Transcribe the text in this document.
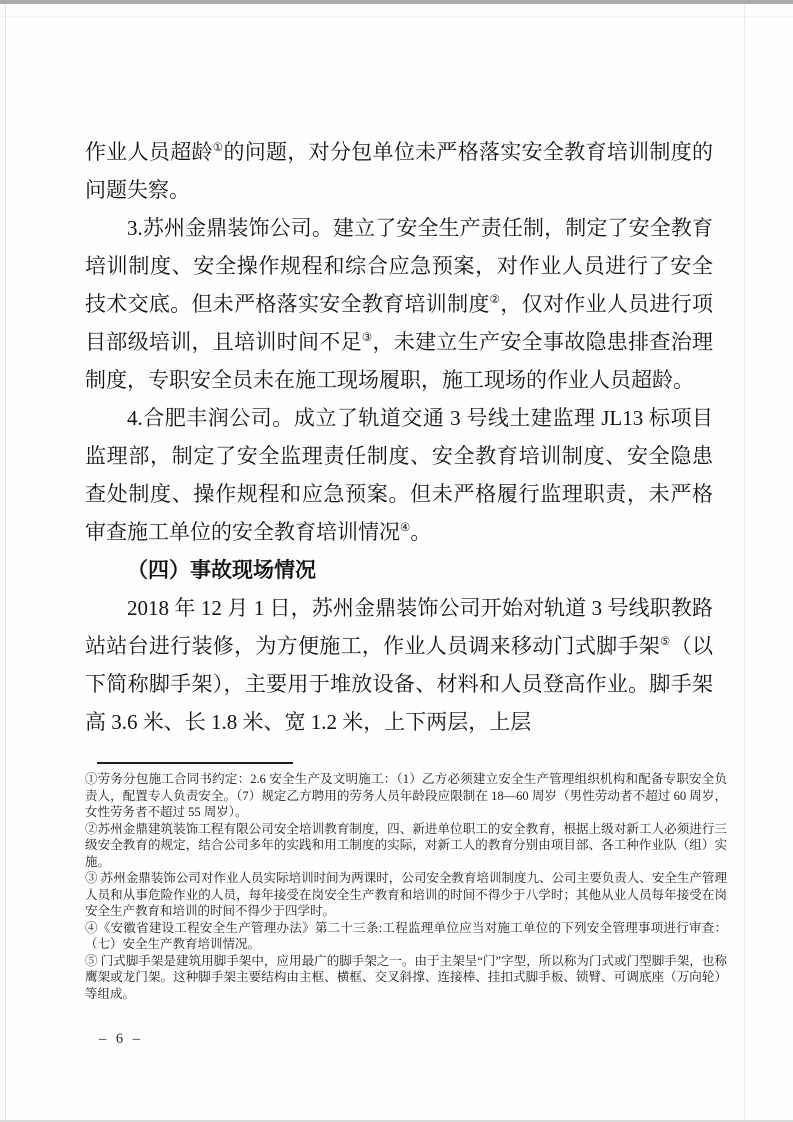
作业人员超龄①的问题，对分包单位未严格落实安全教育培训制度的问题失察。

3.苏州金鼎装饰公司。建立了安全生产责任制，制定了安全教育培训制度、安全操作规程和综合应急预案，对作业人员进行了安全技术交底。但未严格落实安全教育培训制度②，仅对作业人员进行项目部级培训，且培训时间不足③，未建立生产安全事故隐患排查治理制度，专职安全员未在施工现场履职，施工现场的作业人员超龄。

4.合肥丰润公司。成立了轨道交通 3 号线土建监理 JL13 标项目监理部，制定了安全监理责任制度、安全教育培训制度、安全隐患查处制度、操作规程和应急预案。但未严格履行监理职责，未严格审查施工单位的安全教育培训情况④。

（四）事故现场情况

2018 年 12 月 1 日，苏州金鼎装饰公司开始对轨道 3 号线职教路站站台进行装修，为方便施工，作业人员调来移动门式脚手架⑤（以下简称脚手架），主要用于堆放设备、材料和人员登高作业。脚手架高 3.6 米、长 1.8 米、宽 1.2 米，上下两层，上层

①劳务分包施工合同书约定：2.6 安全生产及文明施工：（1）乙方必须建立安全生产管理组织机构和配备专职安全负责人，配置专人负责安全。（7）规定乙方聘用的劳务人员年龄段应限制在 18—60 周岁（男性劳动者不超过 60 周岁，女性劳务者不超过 55 周岁）。

②苏州金鼎建筑装饰工程有限公司安全培训教育制度，四、新进单位职工的安全教育，根据上级对新工人必须进行三级安全教育的规定，结合公司多年的实践和用工制度的实际，对新工人的教育分别由项目部、各工种作业队（组）实施。

③ 苏州金鼎装饰公司对作业人员实际培训时间为两课时，公司安全教育培训制度九、公司主要负责人、安全生产管理人员和从事危险作业的人员，每年接受在岗安全生产教育和培训的时间不得少于八学时；其他从业人员每年接受在岗安全生产教育和培训的时间不得少于四学时。

④《安徽省建设工程安全生产管理办法》第二十三条:工程监理单位应当对施工单位的下列安全管理事项进行审查：（七）安全生产教育培训情况。

⑤ 门式脚手架是建筑用脚手架中，应用最广的脚手架之一。由于主架呈“门”字型，所以称为门式或门型脚手架，也称鹰架或龙门架。这种脚手架主要结构由主框、横框、交叉斜撑、连接棒、挂扣式脚手板、锁臂、可调底座（万向轮）等组成。

– 6 –
